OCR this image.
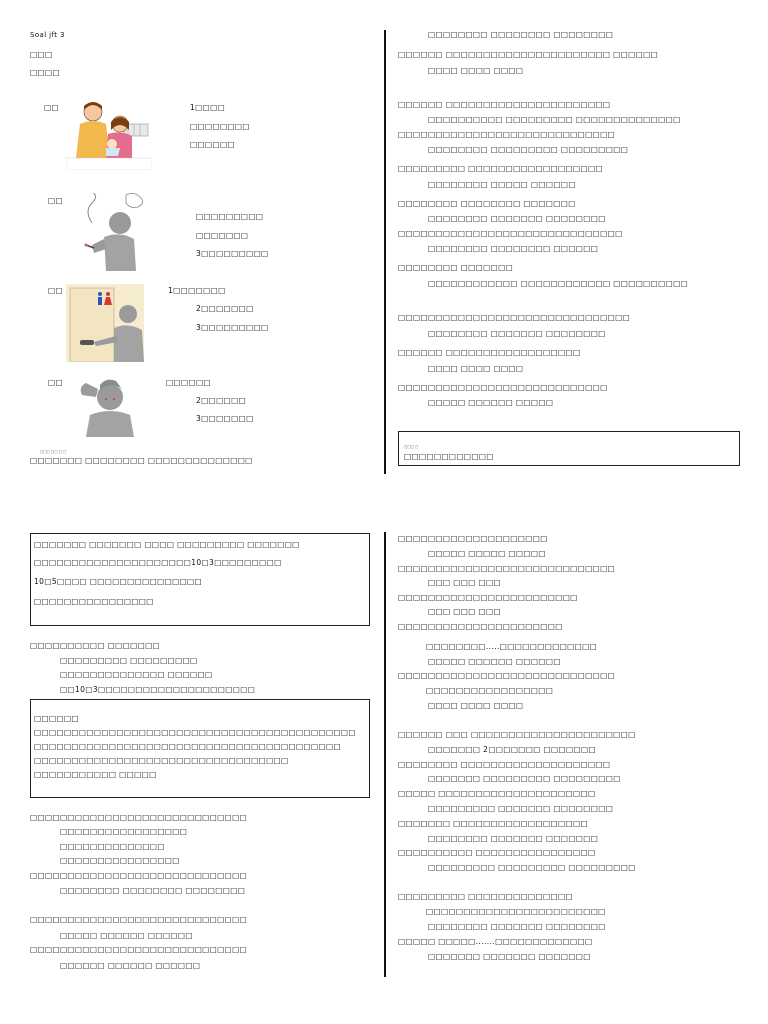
Soal jft 3
□□□
□□□□
□□	1□□□□
□□□□□□□□
□□□□□□
□□
□□□□□□□□□
□□□□□□□
3□□□□□□□□□
□□	1□□□□□□□
2□□□□□□□
3□□□□□□□□□
□□	□□□□□□
2□□□□□□
3□□□□□□□
□□□ □□ □ □
□□□□□□□ □□□□□□□□ □□□□□□□□□□□□□□
□□□□□□□□ □□□□□□□□ □□□□□□□□
□□□□□□ □□□□□□□□□□□□□□□□□□□□□□ □□□□□□
□□□□ □□□□ □□□□
□□□□□□ □□□□□□□□□□□□□□□□□□□□□□
□□□□□□□□□□ □□□□□□□□□ □□□□□□□□□□□□□□
□□□□□□□□□□□□□□□□□□□□□□□□□□□□□
□□□□□□□□ □□□□□□□□□ □□□□□□□□□
□□□□□□□□□ □□□□□□□□□□□□□□□□□□
□□□□□□□□ □□□□□ □□□□□□
□□□□□□□□ □□□□□□□□ □□□□□□□
□□□□□□□□ □□□□□□□ □□□□□□□□
□□□□□□□□□□□□□□□□□□□□□□□□□□□□□□
□□□□□□□□ □□□□□□□□ □□□□□□
□□□□□□□□ □□□□□□□
□□□□□□□□□□□□ □□□□□□□□□□□□ □□□□□□□□□□
□□□□□□□□□□□□□□□□□□□□□□□□□□□□□□□
□□□□□□□□ □□□□□□□ □□□□□□□□
□□□□□□ □□□□□□□□□□□□□□□□□□
□□□□ □□□□ □□□□
□□□□□□□□□□□□□□□□□□□□□□□□□□□□
□□□□□ □□□□□□ □□□□□
□□□ □
□□□□□□□□□□□□
□□□□□□□ □□□□□□□ □□□□ □□□□□□□□□ □□□□□□□
□□□□□□□□□□□□□□□□□□□□□10□3□□□□□□□□□
10□5□□□□ □□□□□□□□□□□□□□□
□□□□□□□□□□□□□□□□
□□□□□□□□□□ □□□□□□□
□□□□□□□□□ □□□□□□□□□
□□□□□□□□□□□□□□ □□□□□□
□□10□3□□□□□□□□□□□□□□□□□□□□□
□□□□□□
□□□□□□□□□□□□□□□□□□□□□□□□□□□□□□□□□□□□□□□□□□□
□□□□□□□□□□□□□□□□□□□□□□□□□□□□□□□□□□□□□□□□□
□□□□□□□□□□□□□□□□□□□□□□□□□□□□□□□□□□
□□□□□□□□□□□ □□□□□
□□□□□□□□□□□□□□□□□□□□□□□□□□□□□
□□□□□□□□□□□□□□□□□
□□□□□□□□□□□□□□
□□□□□□□□□□□□□□□□
□□□□□□□□□□□□□□□□□□□□□□□□□□□□□
□□□□□□□□ □□□□□□□□ □□□□□□□□
□□□□□□□□□□□□□□□□□□□□□□□□□□□□□
□□□□□ □□□□□□ □□□□□□
□□□□□□□□□□□□□□□□□□□□□□□□□□□□□
□□□□□□ □□□□□□ □□□□□□
□□□□□□□□□□□□□□□□□□□□
□□□□□ □□□□□ □□□□□
□□□□□□□□□□□□□□□□□□□□□□□□□□□□□
□□□ □□□ □□□
□□□□□□□□□□□□□□□□□□□□□□□□
□□□ □□□ □□□
□□□□□□□□□□□□□□□□□□□□□□
□□□□□□□□.....□□□□□□□□□□□□□
□□□□□ □□□□□□ □□□□□□
□□□□□□□□□□□□□□□□□□□□□□□□□□□□□
□□□□□□□□□□□□□□□□□
□□□□ □□□□ □□□□
□□□□□□ □□□ □□□□□□□□□□□□□□□□□□□□□□
□□□□□□□ 2□□□□□□□ □□□□□□□
□□□□□□□□ □□□□□□□□□□□□□□□□□□□□
□□□□□□□ □□□□□□□□□ □□□□□□□□□
□□□□□ □□□□□□□□□□□□□□□□□□□□□
□□□□□□□□□ □□□□□□□ □□□□□□□□
□□□□□□□ □□□□□□□□□□□□□□□□□□
□□□□□□□□ □□□□□□□ □□□□□□□
□□□□□□□□□□ □□□□□□□□□□□□□□□□
□□□□□□□□□ □□□□□□□□□ □□□□□□□□□
□□□□□□□□□ □□□□□□□□□□□□□□
□□□□□□□□□□□□□□□□□□□□□□□□
□□□□□□□□ □□□□□□□ □□□□□□□□
□□□□□ □□□□□.......□□□□□□□□□□□□□
□□□□□□□ □□□□□□□ □□□□□□□
